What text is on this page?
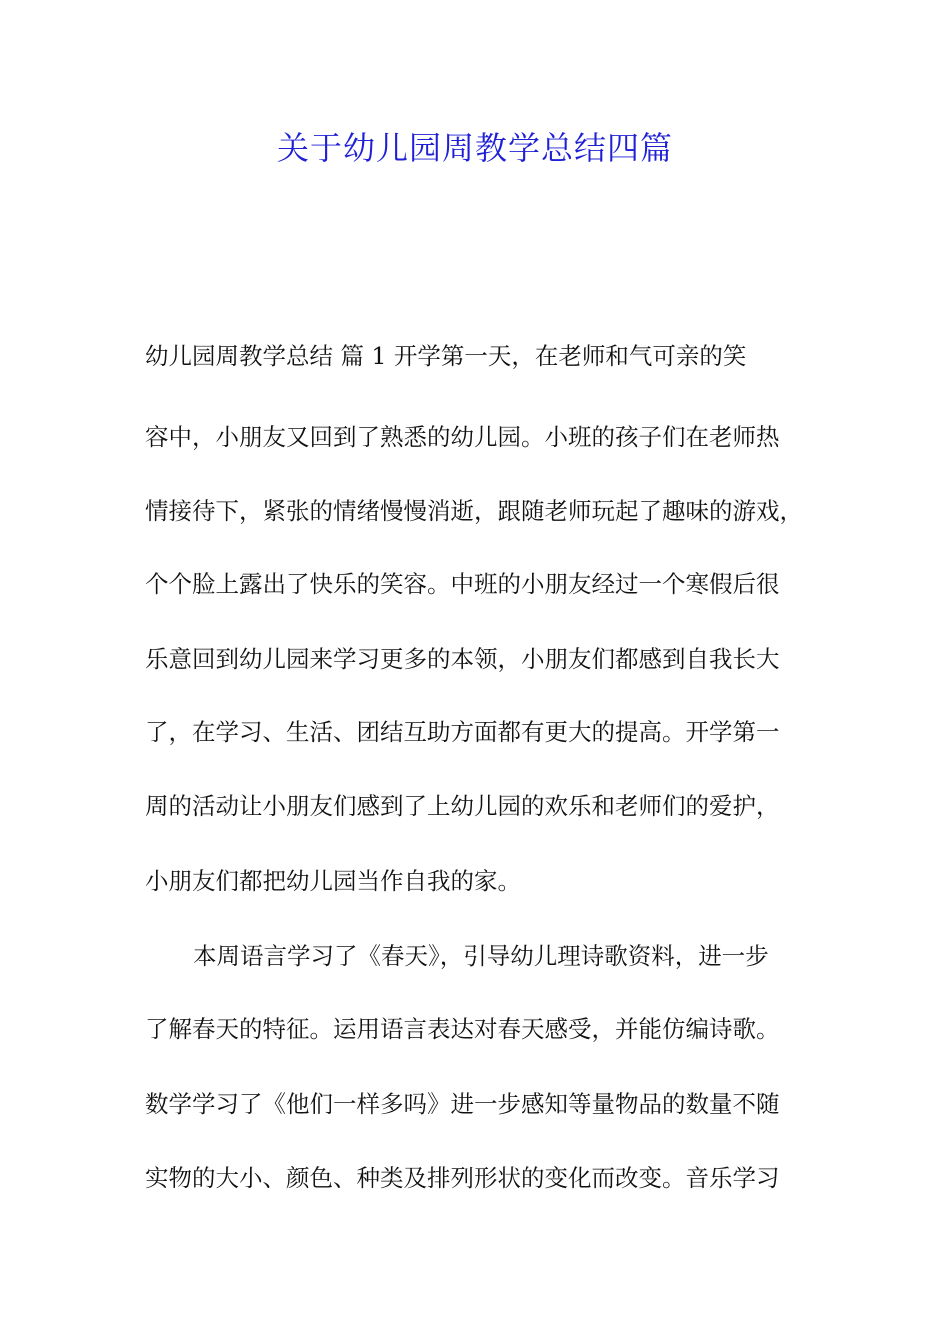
关于幼儿园周教学总结四篇
幼儿园周教学总结 篇 1 开学第一天，在老师和气可亲的笑
容中，小朋友又回到了熟悉的幼儿园。小班的孩子们在老师热
情接待下，紧张的情绪慢慢消逝，跟随老师玩起了趣味的游戏，
个个脸上露出了快乐的笑容。中班的小朋友经过一个寒假后很
乐意回到幼儿园来学习更多的本领，小朋友们都感到自我长大
了，在学习、生活、团结互助方面都有更大的提高。开学第一
周的活动让小朋友们感到了上幼儿园的欢乐和老师们的爱护，
小朋友们都把幼儿园当作自我的家。
本周语言学习了《春天》，引导幼儿理诗歌资料，进一步
了解春天的特征。运用语言表达对春天感受，并能仿编诗歌。
数学学习了《他们一样多吗》进一步感知等量物品的数量不随
实物的大小、颜色、种类及排列形状的变化而改变。音乐学习
